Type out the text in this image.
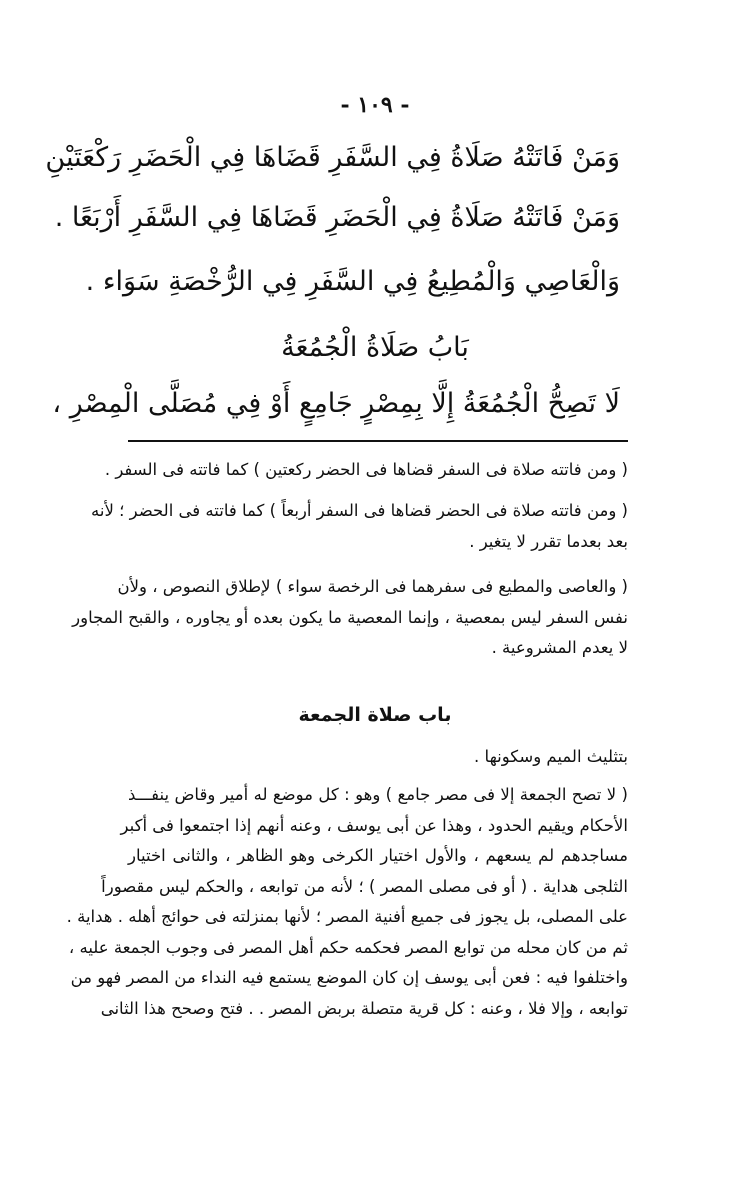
- ١٠٩ -
وَمَنْ فَاتَتْهُ صَلَاةُ فِي السَّفَرِ قَضَاهَا فِي الْحَضَرِ رَكْعَتَيْنِ
وَمَنْ فَاتَتْهُ صَلَاةُ فِي الْحَضَرِ قَضَاهَا فِي السَّفَرِ أَرْبَعًا .
وَالْعَاصِي وَالْمُطِيعُ فِي السَّفَرِ فِي الرُّخْصَةِ سَوَاء .
بَابُ صَلَاةُ الْجُمُعَةُ
لَا تَصِحُّ الْجُمُعَةُ إِلَّا بِمِصْرٍ جَامِعٍ أَوْ فِي مُصَلَّى الْمِصْرِ ،
( ومن فاتته صلاة فى السفر قضاها فى الحضر ركعتين ) كما فاتته فى السفر .
( ومن فاتته صلاة فى الحضر قضاها فى السفر أربعاً ) كما فاتته فى الحضر ؛ لأنه
بعد بعدما تقرر لا يتغير .
( والعاصى والمطيع فى سفرهما فى الرخصة سواء ) لإطلاق النصوص ، ولأن
نفس السفر ليس بمعصية ، وإنما المعصية ما يكون بعده أو يجاوره ، والقبح المجاور
لا يعدم المشروعية .
باب صلاة الجمعة
بتثليث الميم وسكونها .
( لا تصح الجمعة إلا فى مصر جامع ) وهو : كل موضع له أمير وقاض ينفـــذ
الأحكام ويقيم الحدود ، وهذا عن أبى يوسف ، وعنه أنهم إذا اجتمعوا فى أكبر
مساجدهم لم يسعهم ، والأول اختيار الكرخى وهو الظاهر ، والثانى اختيار
الثلجى هداية . ( أو فى مصلى المصر ) ؛ لأنه من توابعه ، والحكم ليس مقصوراً
على المصلى، بل يجوز فى جميع أفنية المصر ؛ لأنها بمنزلته فى حوائج أهله . هداية .
ثم من كان محله من توابع المصر فحكمه حكم أهل المصر فى وجوب الجمعة عليه ،
واختلفوا فيه : فعن أبى يوسف إن كان الموضع يستمع فيه النداء من المصر فهو من
توابعه ، وإلا فلا ، وعنه : كل قرية متصلة بربض المصر . . فتح وصحح هذا الثانى
